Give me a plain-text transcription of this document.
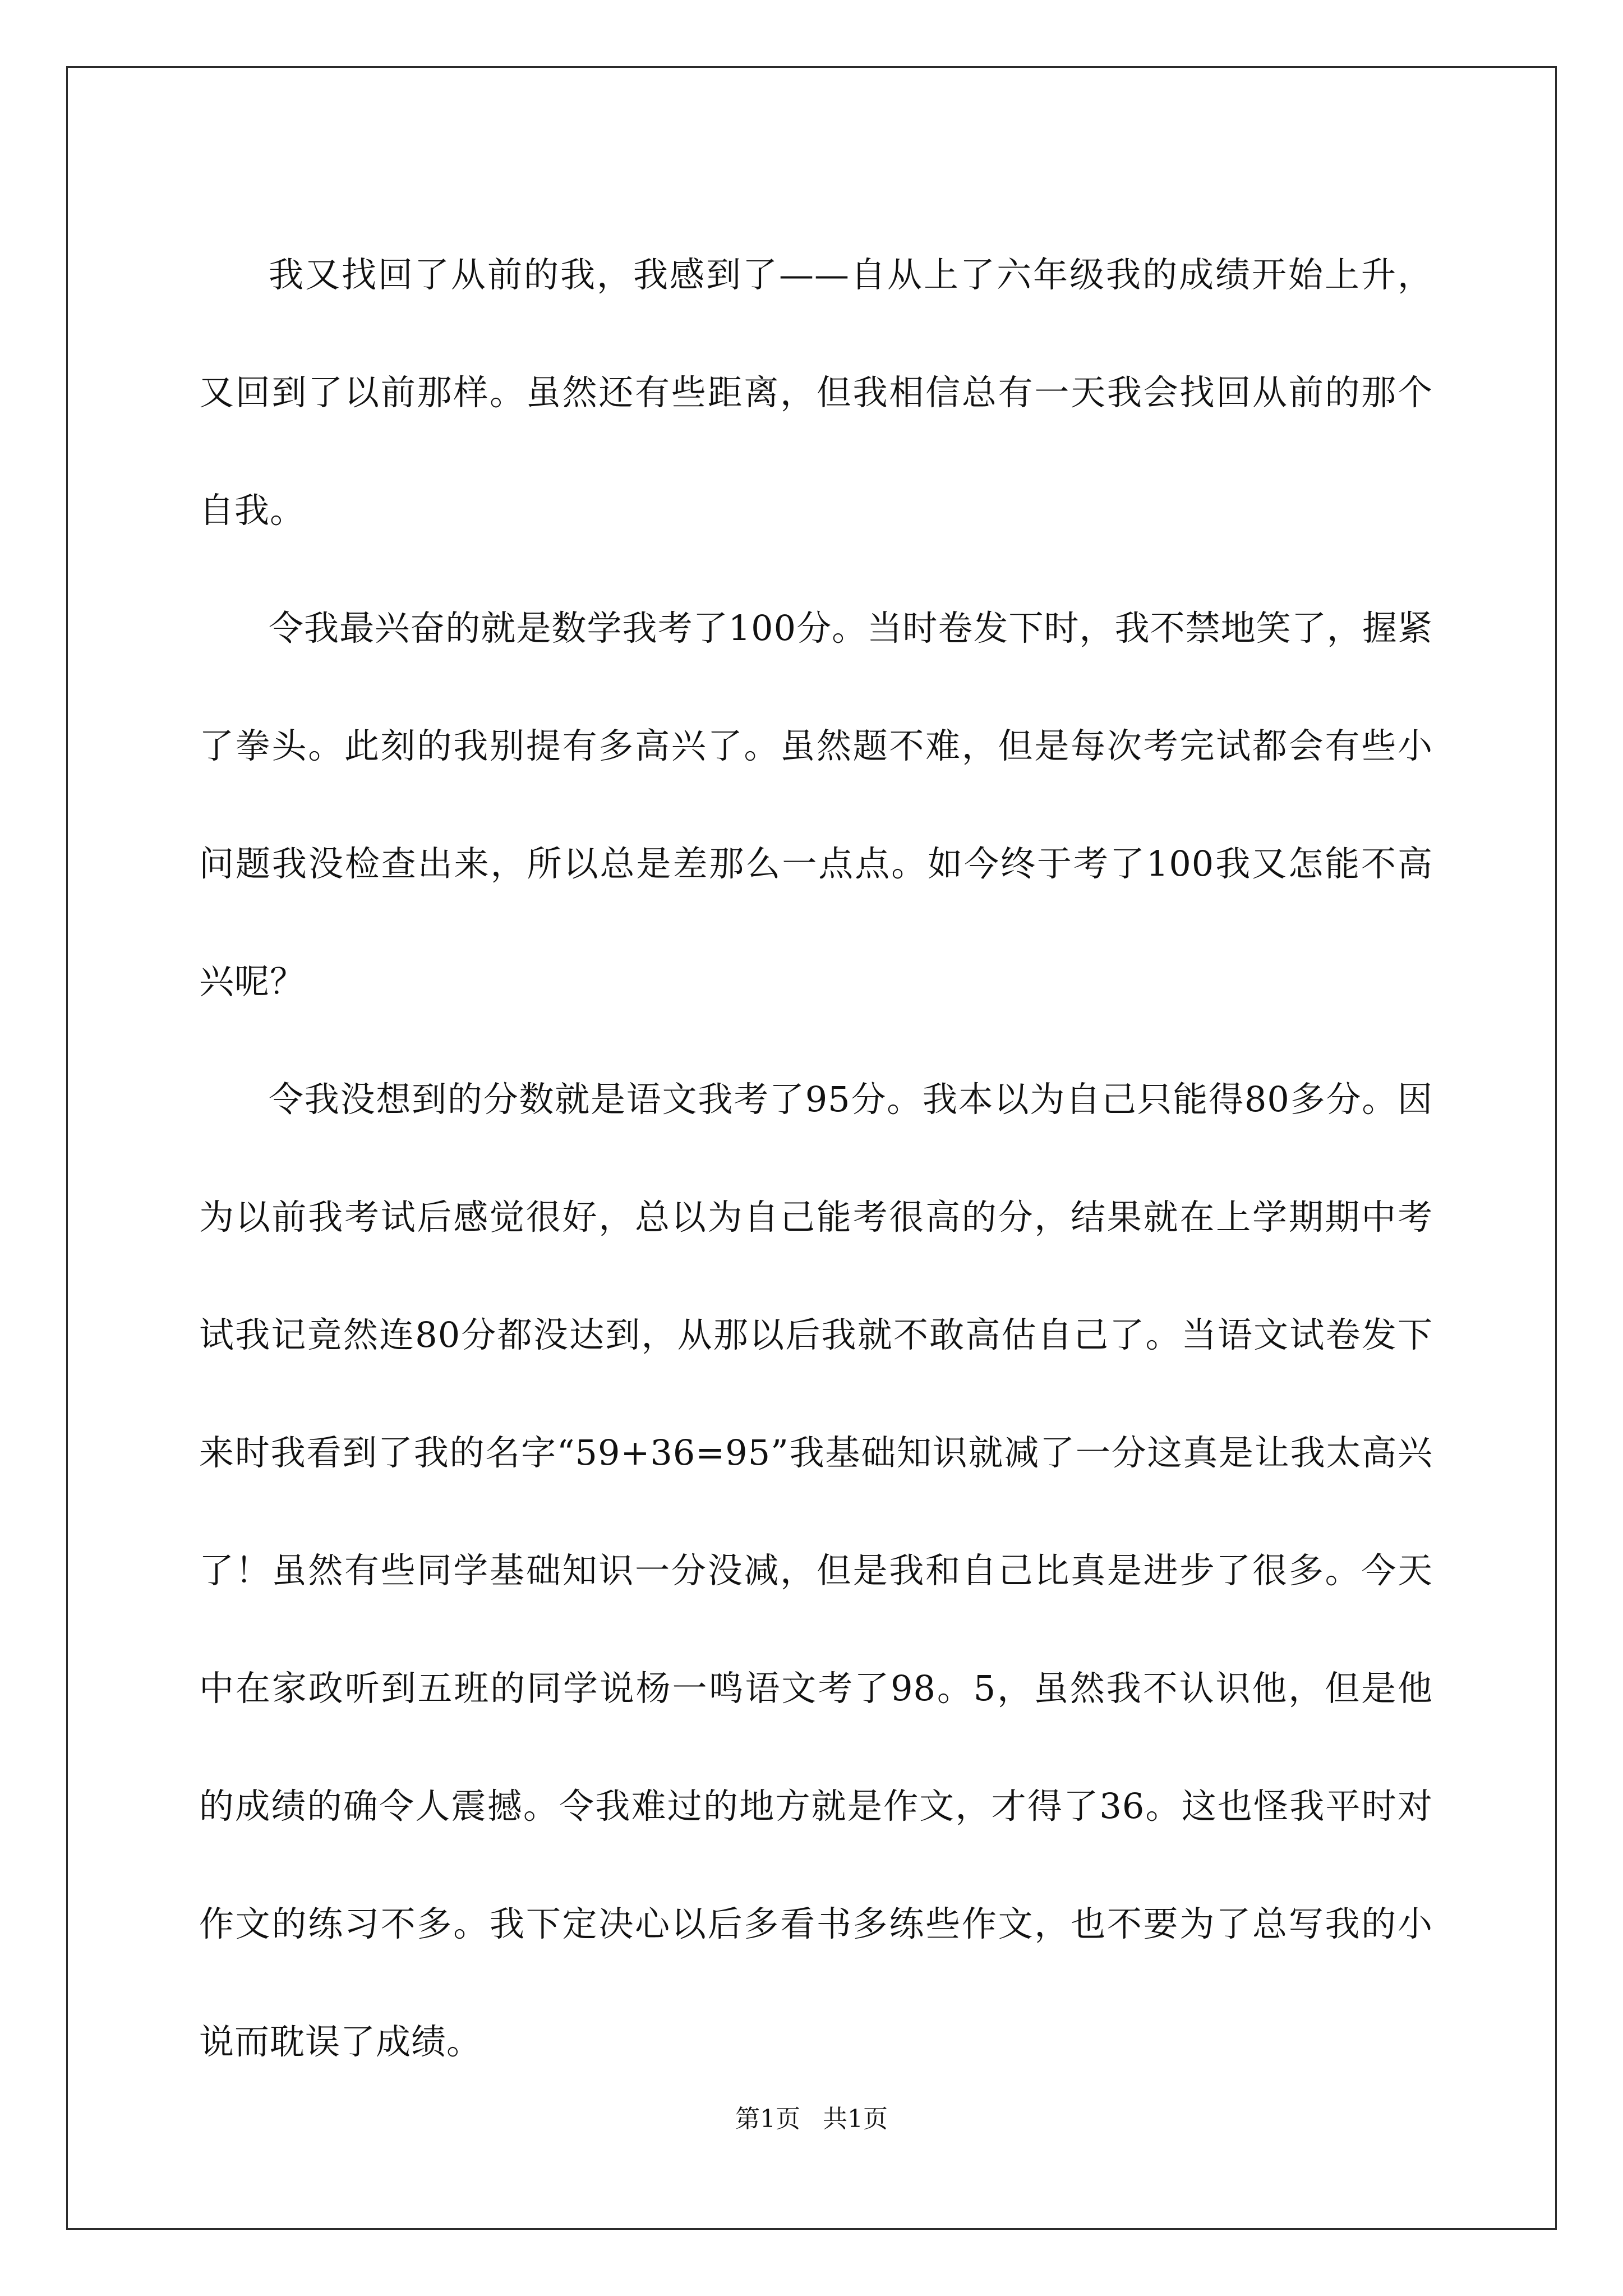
我又找回了从前的我，我感到了——自从上了六年级我的成绩开始上升，又回到了以前那样。虽然还有些距离，但我相信总有一天我会找回从前的那个自我。

令我最兴奋的就是数学我考了100分。当时卷发下时，我不禁地笑了，握紧了拳头。此刻的我别提有多高兴了。虽然题不难，但是每次考完试都会有些小问题我没检查出来，所以总是差那么一点点。如今终于考了100我又怎能不高兴呢？

令我没想到的分数就是语文我考了95分。我本以为自己只能得80多分。因为以前我考试后感觉很好，总以为自己能考很高的分，结果就在上学期期中考试我记竟然连80分都没达到，从那以后我就不敢高估自己了。当语文试卷发下来时我看到了我的名字“59+36=95”我基础知识就减了一分这真是让我太高兴了！虽然有些同学基础知识一分没减，但是我和自己比真是进步了很多。今天中在家政听到五班的同学说杨一鸣语文考了98。5，虽然我不认识他，但是他的成绩的确令人震撼。令我难过的地方就是作文，才得了36。这也怪我平时对作文的练习不多。我下定决心以后多看书多练些作文，也不要为了总写我的小说而耽误了成绩。

第1页 共1页
